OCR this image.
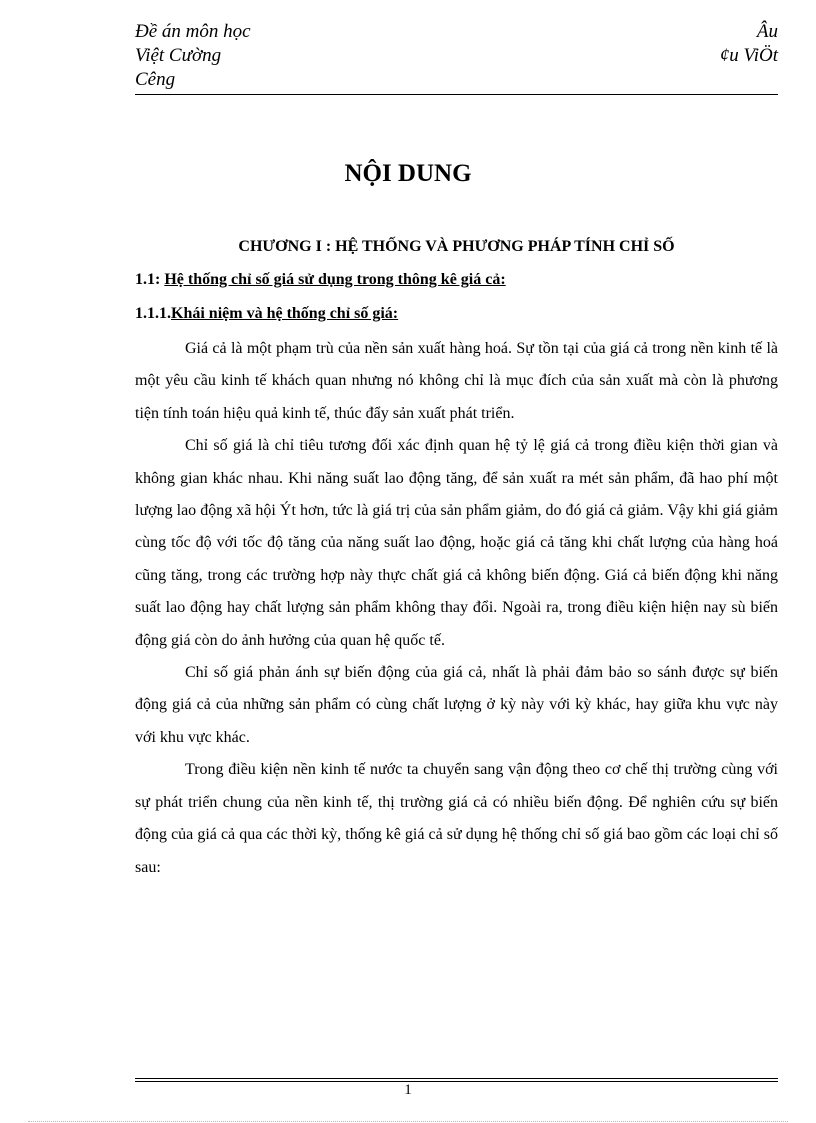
Đề án môn học	Âu
Việt Cường	¢u ViÖt
Cêng
NỘI DUNG
CHƯƠNG I : HỆ THỐNG VÀ PHƯƠNG PHÁP TÍNH CHỈ SỐ
1.1: Hệ thống chỉ số giá sử dụng trong thông kê giá cả:
1.1.1.Khái niệm và hệ thống chỉ số giá:

Giá cả là một phạm trù của nền sản xuất hàng hoá. Sự tồn tại của giá cả trong nền kinh tế là một yêu cầu kinh tế khách quan nhưng nó không chỉ là mục đích của sản xuất mà còn là phương tiện tính toán hiệu quả kinh tế, thúc đẩy sản xuất phát triển.

Chỉ số giá là chỉ tiêu tương đối xác định quan hệ tỷ lệ giá cả trong điều kiện thời gian và không gian khác nhau. Khi năng suất lao động tăng, để sản xuất ra mét sản phẩm, đã hao phí một lượng lao động xã hội Ýt hơn, tức là giá trị của sản phẩm giảm, do đó giá cả giảm. Vậy khi giá giảm cùng tốc độ với tốc độ tăng của năng suất lao động, hoặc giá cả tăng khi chất lượng của hàng hoá cũng tăng, trong các trường hợp này thực chất giá cả không biến động. Giá cả biến động khi năng suất lao động hay chất lượng sản phẩm không thay đổi. Ngoài ra, trong điều kiện hiện nay sù biến động giá còn do ảnh hưởng của quan hệ quốc tế.

Chỉ số giá phản ánh sự biến động của giá cả, nhất là phải đảm bảo so sánh được sự biến động giá cả của những sản phẩm có cùng chất lượng ở kỳ này với kỳ khác, hay giữa khu vực này với khu vực khác.

Trong điều kiện nền kinh tế nước ta chuyển sang vận động theo cơ chế thị trường cùng với sự phát triển chung của nền kinh tế, thị trường giá cả có nhiều biến động. Để nghiên cứu sự biến động của giá cả qua các thời kỳ, thống kê giá cả sử dụng hệ thống chỉ số giá bao gồm các loại chỉ số sau:

1
